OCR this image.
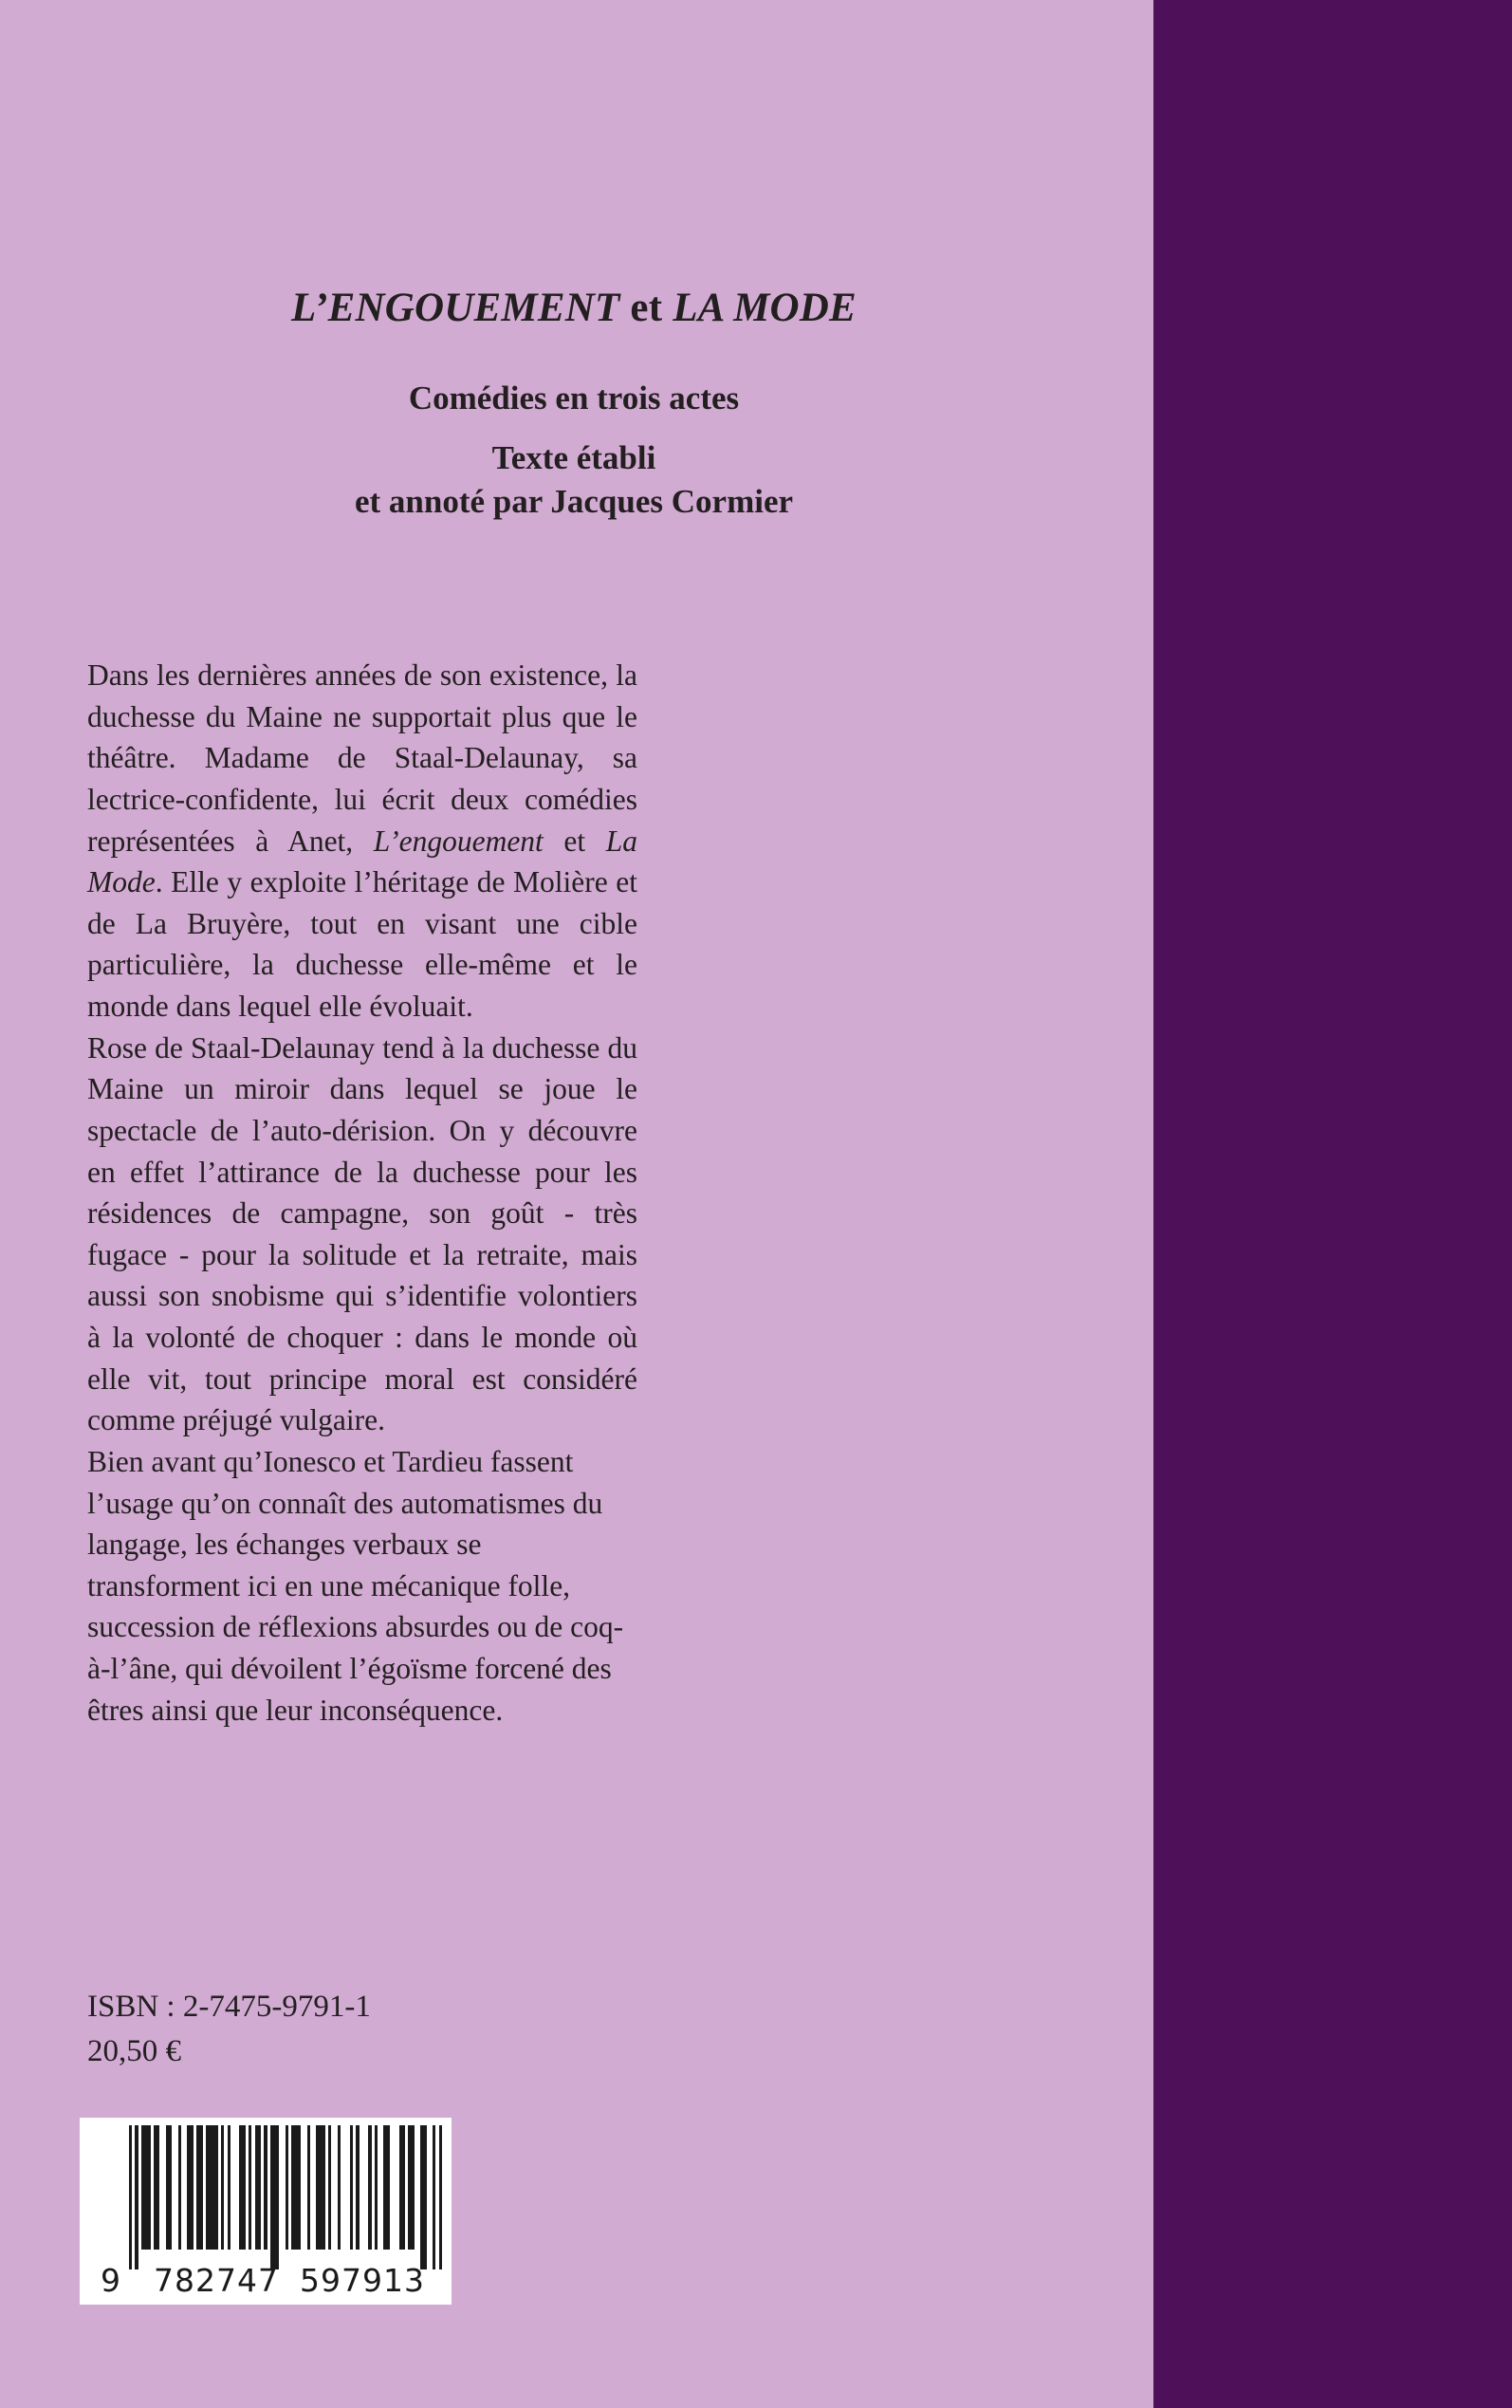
L’ENGOUEMENT et LA MODE
Comédies en trois actes
Texte établi
et annoté par Jacques Cormier

Dans les dernières années de son existence, la duchesse du Maine ne supportait plus que le théâtre. Madame de Staal-Delaunay, sa lectrice-confidente, lui écrit deux comédies représentées à Anet, L’engouement et La Mode. Elle y exploite l’héritage de Molière et de La Bruyère, tout en visant une cible particulière, la duchesse elle-même et le monde dans lequel elle évoluait.

Rose de Staal-Delaunay tend à la duchesse du Maine un miroir dans lequel se joue le spectacle de l’auto-dérision. On y découvre en effet l’attirance de la duchesse pour les résidences de campagne, son goût - très fugace - pour la solitude et la retraite, mais aussi son snobisme qui s’identifie volontiers à la volonté de choquer : dans le monde où elle vit, tout principe moral est considéré comme préjugé vulgaire.

Bien avant qu’Ionesco et Tardieu fassent l’usage qu’on connaît des automatismes du langage, les échanges verbaux se transforment ici en une mécanique folle, succession de réflexions absurdes ou de coq-à-l’âne, qui dévoilent l’égoïsme forcené des êtres ainsi que leur inconséquence.

ISBN : 2-7475-9791-1
20,50 €
9 782747 597913
